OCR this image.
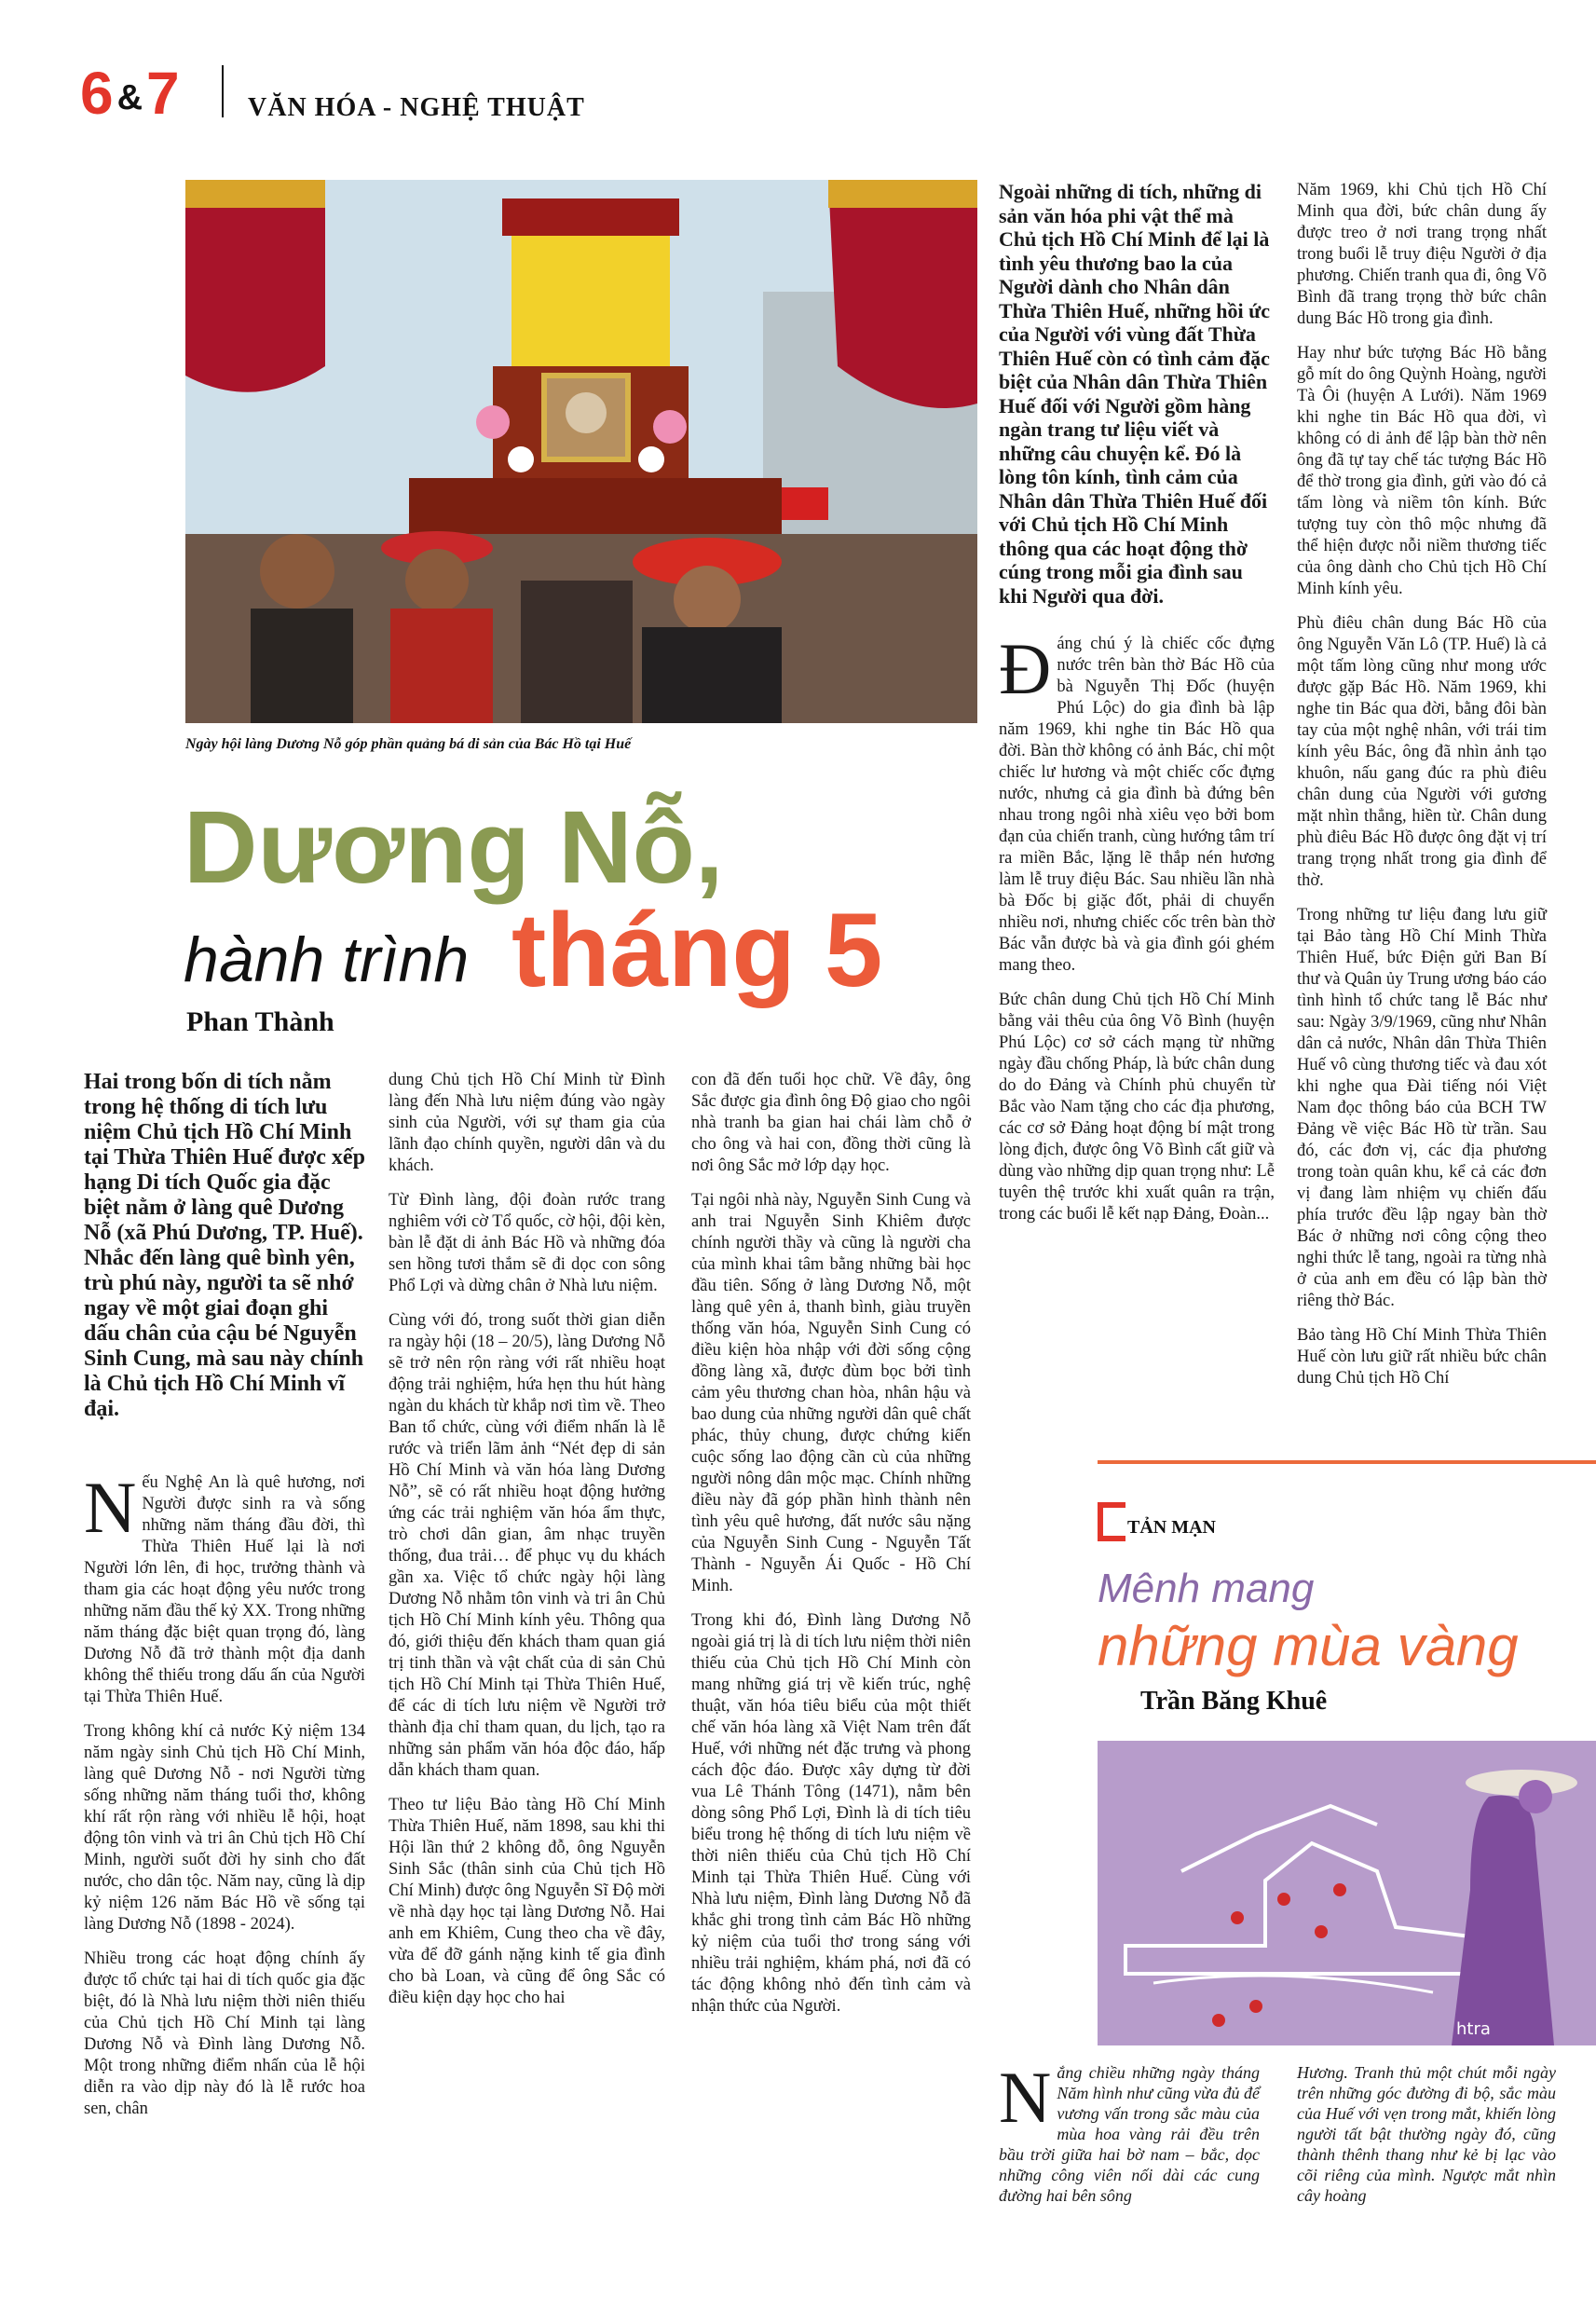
6 &7	VĂN HÓA - NGHỆ THUẬT
Ngày hội làng Dương Nỗ góp phần quảng bá di sản của Bác Hồ tại Huế
Dương Nỗ,
hành trình tháng 5
Phan Thành

Hai trong bốn di tích nằm trong hệ thống di tích lưu niệm Chủ tịch Hồ Chí Minh tại Thừa Thiên Huế được xếp hạng Di tích Quốc gia đặc biệt nằm ở làng quê Dương Nỗ (xã Phú Dương, TP. Huế). Nhắc đến làng quê bình yên, trù phú này, người ta sẽ nhớ ngay về một giai đoạn ghi dấu chân của cậu bé Nguyễn Sinh Cung, mà sau này chính là Chủ tịch Hồ Chí Minh vĩ đại.

Nếu Nghệ An là quê hương, nơi Người được sinh ra và sống những năm tháng đầu đời, thì Thừa Thiên Huế lại là nơi Người lớn lên, đi học, trưởng thành và tham gia các hoạt động yêu nước trong những năm đầu thế kỷ XX. Trong những năm tháng đặc biệt quan trọng đó, làng Dương Nỗ đã trở thành một địa danh không thể thiếu trong dấu ấn của Người tại Thừa Thiên Huế.

Trong không khí cả nước Kỷ niệm 134 năm ngày sinh Chủ tịch Hồ Chí Minh, làng quê Dương Nỗ - nơi Người từng sống những năm tháng tuổi thơ, không khí rất rộn ràng với nhiều lễ hội, hoạt động tôn vinh và tri ân Chủ tịch Hồ Chí Minh, người suốt đời hy sinh cho đất nước, cho dân tộc. Năm nay, cũng là dịp kỷ niệm 126 năm Bác Hồ về sống tại làng Dương Nỗ (1898 - 2024).

Nhiều trong các hoạt động chính ấy được tổ chức tại hai di tích quốc gia đặc biệt, đó là Nhà lưu niệm thời niên thiếu của Chủ tịch Hồ Chí Minh tại làng Dương Nỗ và Đình làng Dương Nỗ. Một trong những điểm nhấn của lễ hội diễn ra vào dịp này đó là lễ rước hoa sen, chân

dung Chủ tịch Hồ Chí Minh từ Đình làng đến Nhà lưu niệm đúng vào ngày sinh của Người, với sự tham gia của lãnh đạo chính quyền, người dân và du khách.

Từ Đình làng, đội đoàn rước trang nghiêm với cờ Tổ quốc, cờ hội, đội kèn, bàn lễ đặt di ảnh Bác Hồ và những đóa sen hồng tươi thắm sẽ đi dọc con sông Phổ Lợi và dừng chân ở Nhà lưu niệm.

Cùng với đó, trong suốt thời gian diễn ra ngày hội (18 – 20/5), làng Dương Nỗ sẽ trở nên rộn ràng với rất nhiều hoạt động trải nghiệm, hứa hẹn thu hút hàng ngàn du khách từ khắp nơi tìm về. Theo Ban tổ chức, cùng với điểm nhấn là lễ rước và triển lãm ảnh “Nét đẹp di sản Hồ Chí Minh và văn hóa làng Dương Nỗ”, sẽ có rất nhiều hoạt động hưởng ứng các trải nghiệm văn hóa ẩm thực, trò chơi dân gian, âm nhạc truyền thống, đua trải… để phục vụ du khách gần xa. Việc tổ chức ngày hội làng Dương Nỗ nhằm tôn vinh và tri ân Chủ tịch Hồ Chí Minh kính yêu. Thông qua đó, giới thiệu đến khách tham quan giá trị tinh thần và vật chất của di sản Chủ tịch Hồ Chí Minh tại Thừa Thiên Huế, để các di tích lưu niệm về Người trở thành địa chỉ tham quan, du lịch, tạo ra những sản phẩm văn hóa độc đáo, hấp dẫn khách tham quan.

Theo tư liệu Bảo tàng Hồ Chí Minh Thừa Thiên Huế, năm 1898, sau khi thi Hội lần thứ 2 không đỗ, ông Nguyễn Sinh Sắc (thân sinh của Chủ tịch Hồ Chí Minh) được ông Nguyễn Sĩ Độ mời về nhà dạy học tại làng Dương Nỗ. Hai anh em Khiêm, Cung theo cha về đây, vừa để đỡ gánh nặng kinh tế gia đình cho bà Loan, và cũng để ông Sắc có điều kiện dạy học cho hai

con đã đến tuổi học chữ. Về đây, ông Sắc được gia đình ông Độ giao cho ngôi nhà tranh ba gian hai chái làm chỗ ở cho ông và hai con, đồng thời cũng là nơi ông Sắc mở lớp dạy học.

Tại ngôi nhà này, Nguyễn Sinh Cung và anh trai Nguyễn Sinh Khiêm được chính người thầy và cũng là người cha của mình khai tâm bằng những bài học đầu tiên. Sống ở làng Dương Nỗ, một làng quê yên ả, thanh bình, giàu truyền thống văn hóa, Nguyễn Sinh Cung có điều kiện hòa nhập với đời sống cộng đồng làng xã, được đùm bọc bởi tình cảm yêu thương chan hòa, nhân hậu và bao dung của những người dân quê chất phác, thủy chung, được chứng kiến cuộc sống lao động cần cù của những người nông dân mộc mạc. Chính những điều này đã góp phần hình thành nên tình yêu quê hương, đất nước sâu nặng của Nguyễn Sinh Cung - Nguyễn Tất Thành - Nguyễn Ái Quốc - Hồ Chí Minh.

Trong khi đó, Đình làng Dương Nỗ ngoài giá trị là di tích lưu niệm thời niên thiếu của Chủ tịch Hồ Chí Minh còn mang những giá trị về kiến trúc, nghệ thuật, văn hóa tiêu biểu của một thiết chế văn hóa làng xã Việt Nam trên đất Huế, với những nét đặc trưng và phong cách độc đáo. Được xây dựng từ đời vua Lê Thánh Tông (1471), nằm bên dòng sông Phổ Lợi, Đình là di tích tiêu biểu trong hệ thống di tích lưu niệm về thời niên thiếu của Chủ tịch Hồ Chí Minh tại Thừa Thiên Huế. Cùng với Nhà lưu niệm, Đình làng Dương Nỗ đã khắc ghi trong tình cảm Bác Hồ những kỷ niệm của tuổi thơ trong sáng với nhiều trải nghiệm, khám phá, nơi đã có tác động không nhỏ đến tình cảm và nhận thức của Người.

Ngoài những di tích, những di sản văn hóa phi vật thể mà Chủ tịch Hồ Chí Minh để lại là tình yêu thương bao la của Người dành cho Nhân dân Thừa Thiên Huế, những hồi ức của Người với vùng đất Thừa Thiên Huế còn có tình cảm đặc biệt của Nhân dân Thừa Thiên Huế đối với Người gồm hàng ngàn trang tư liệu viết và những câu chuyện kể. Đó là lòng tôn kính, tình cảm của Nhân dân Thừa Thiên Huế đối với Chủ tịch Hồ Chí Minh thông qua các hoạt động thờ cúng trong mỗi gia đình sau khi Người qua đời.

Đáng chú ý là chiếc cốc đựng nước trên bàn thờ Bác Hồ của bà Nguyễn Thị Đốc (huyện Phú Lộc) do gia đình bà lập năm 1969, khi nghe tin Bác Hồ qua đời. Bàn thờ không có ảnh Bác, chỉ một chiếc lư hương và một chiếc cốc đựng nước, nhưng cả gia đình bà đứng bên nhau trong ngôi nhà xiêu vẹo bởi bom đạn của chiến tranh, cùng hướng tâm trí ra miền Bắc, lặng lẽ thắp nén hương làm lễ truy điệu Bác. Sau nhiều lần nhà bà Đốc bị giặc đốt, phải di chuyển nhiều nơi, nhưng chiếc cốc trên bàn thờ Bác vẫn được bà và gia đình gói ghém mang theo.

Bức chân dung Chủ tịch Hồ Chí Minh bằng vải thêu của ông Võ Bình (huyện Phú Lộc) cơ sở cách mạng từ những ngày đầu chống Pháp, là bức chân dung do do Đảng và Chính phủ chuyển từ Bắc vào Nam tặng cho các địa phương, các cơ sở Đảng hoạt động bí mật trong lòng địch, được ông Võ Bình cất giữ và dùng vào những dịp quan trọng như: Lễ tuyên thệ trước khi xuất quân ra trận, trong các buổi lễ kết nạp Đảng, Đoàn...

Năm 1969, khi Chủ tịch Hồ Chí Minh qua đời, bức chân dung ấy được treo ở nơi trang trọng nhất trong buổi lễ truy điệu Người ở địa phương. Chiến tranh qua đi, ông Võ Bình đã trang trọng thờ bức chân dung Bác Hồ trong gia đình.

Hay như bức tượng Bác Hồ bằng gỗ mít do ông Quỳnh Hoàng, người Tà Ôi (huyện A Lưới). Năm 1969 khi nghe tin Bác Hồ qua đời, vì không có di ảnh để lập bàn thờ nên ông đã tự tay chế tác tượng Bác Hồ để thờ trong gia đình, gửi vào đó cả tấm lòng và niềm tôn kính. Bức tượng tuy còn thô mộc nhưng đã thể hiện được nỗi niềm thương tiếc của ông dành cho Chủ tịch Hồ Chí Minh kính yêu.

Phù điêu chân dung Bác Hồ của ông Nguyễn Văn Lô (TP. Huế) là cả một tấm lòng cũng như mong ước được gặp Bác Hồ. Năm 1969, khi nghe tin Bác qua đời, bằng đôi bàn tay của một nghệ nhân, với trái tim kính yêu Bác, ông đã nhìn ảnh tạo khuôn, nấu gang đúc ra phù điêu chân dung của Người với gương mặt nhìn thẳng, hiền từ. Chân dung phù điêu Bác Hồ được ông đặt vị trí trang trọng nhất trong gia đình để thờ.

Trong những tư liệu đang lưu giữ tại Bảo tàng Hồ Chí Minh Thừa Thiên Huế, bức Điện gửi Ban Bí thư và Quân ủy Trung ương báo cáo tình hình tổ chức tang lễ Bác như sau: Ngày 3/9/1969, cũng như Nhân dân cả nước, Nhân dân Thừa Thiên Huế vô cùng thương tiếc và đau xót khi nghe qua Đài tiếng nói Việt Nam đọc thông báo của BCH TW Đảng về việc Bác Hồ từ trần. Sau đó, các đơn vị, các địa phương trong toàn quân khu, kể cả các đơn vị đang làm nhiệm vụ chiến đấu phía trước đều lập ngay bàn thờ Bác ở những nơi công cộng theo nghi thức lễ tang, ngoài ra từng nhà ở của anh em đều có lập bàn thờ riêng thờ Bác.

Bảo tàng Hồ Chí Minh Thừa Thiên Huế còn lưu giữ rất nhiều bức chân dung Chủ tịch Hồ Chí

TẢN MẠN
Mênh mang
những mùa vàng
Trần Băng Khuê
htra

Nắng chiều những ngày tháng Năm hình như cũng vừa đủ để vương vấn trong sắc màu của mùa hoa vàng rải đều trên bầu trời giữa hai bờ nam – bắc, dọc những công viên nối dài các cung đường hai bên sông

Hương. Tranh thủ một chút mỗi ngày trên những góc đường đi bộ, sắc màu của Huế với vẹn trong mắt, khiến lòng người tất bật thường ngày đó, cũng thành thênh thang như kẻ bị lạc vào cõi riêng của mình. Ngược mắt nhìn cây hoàng
